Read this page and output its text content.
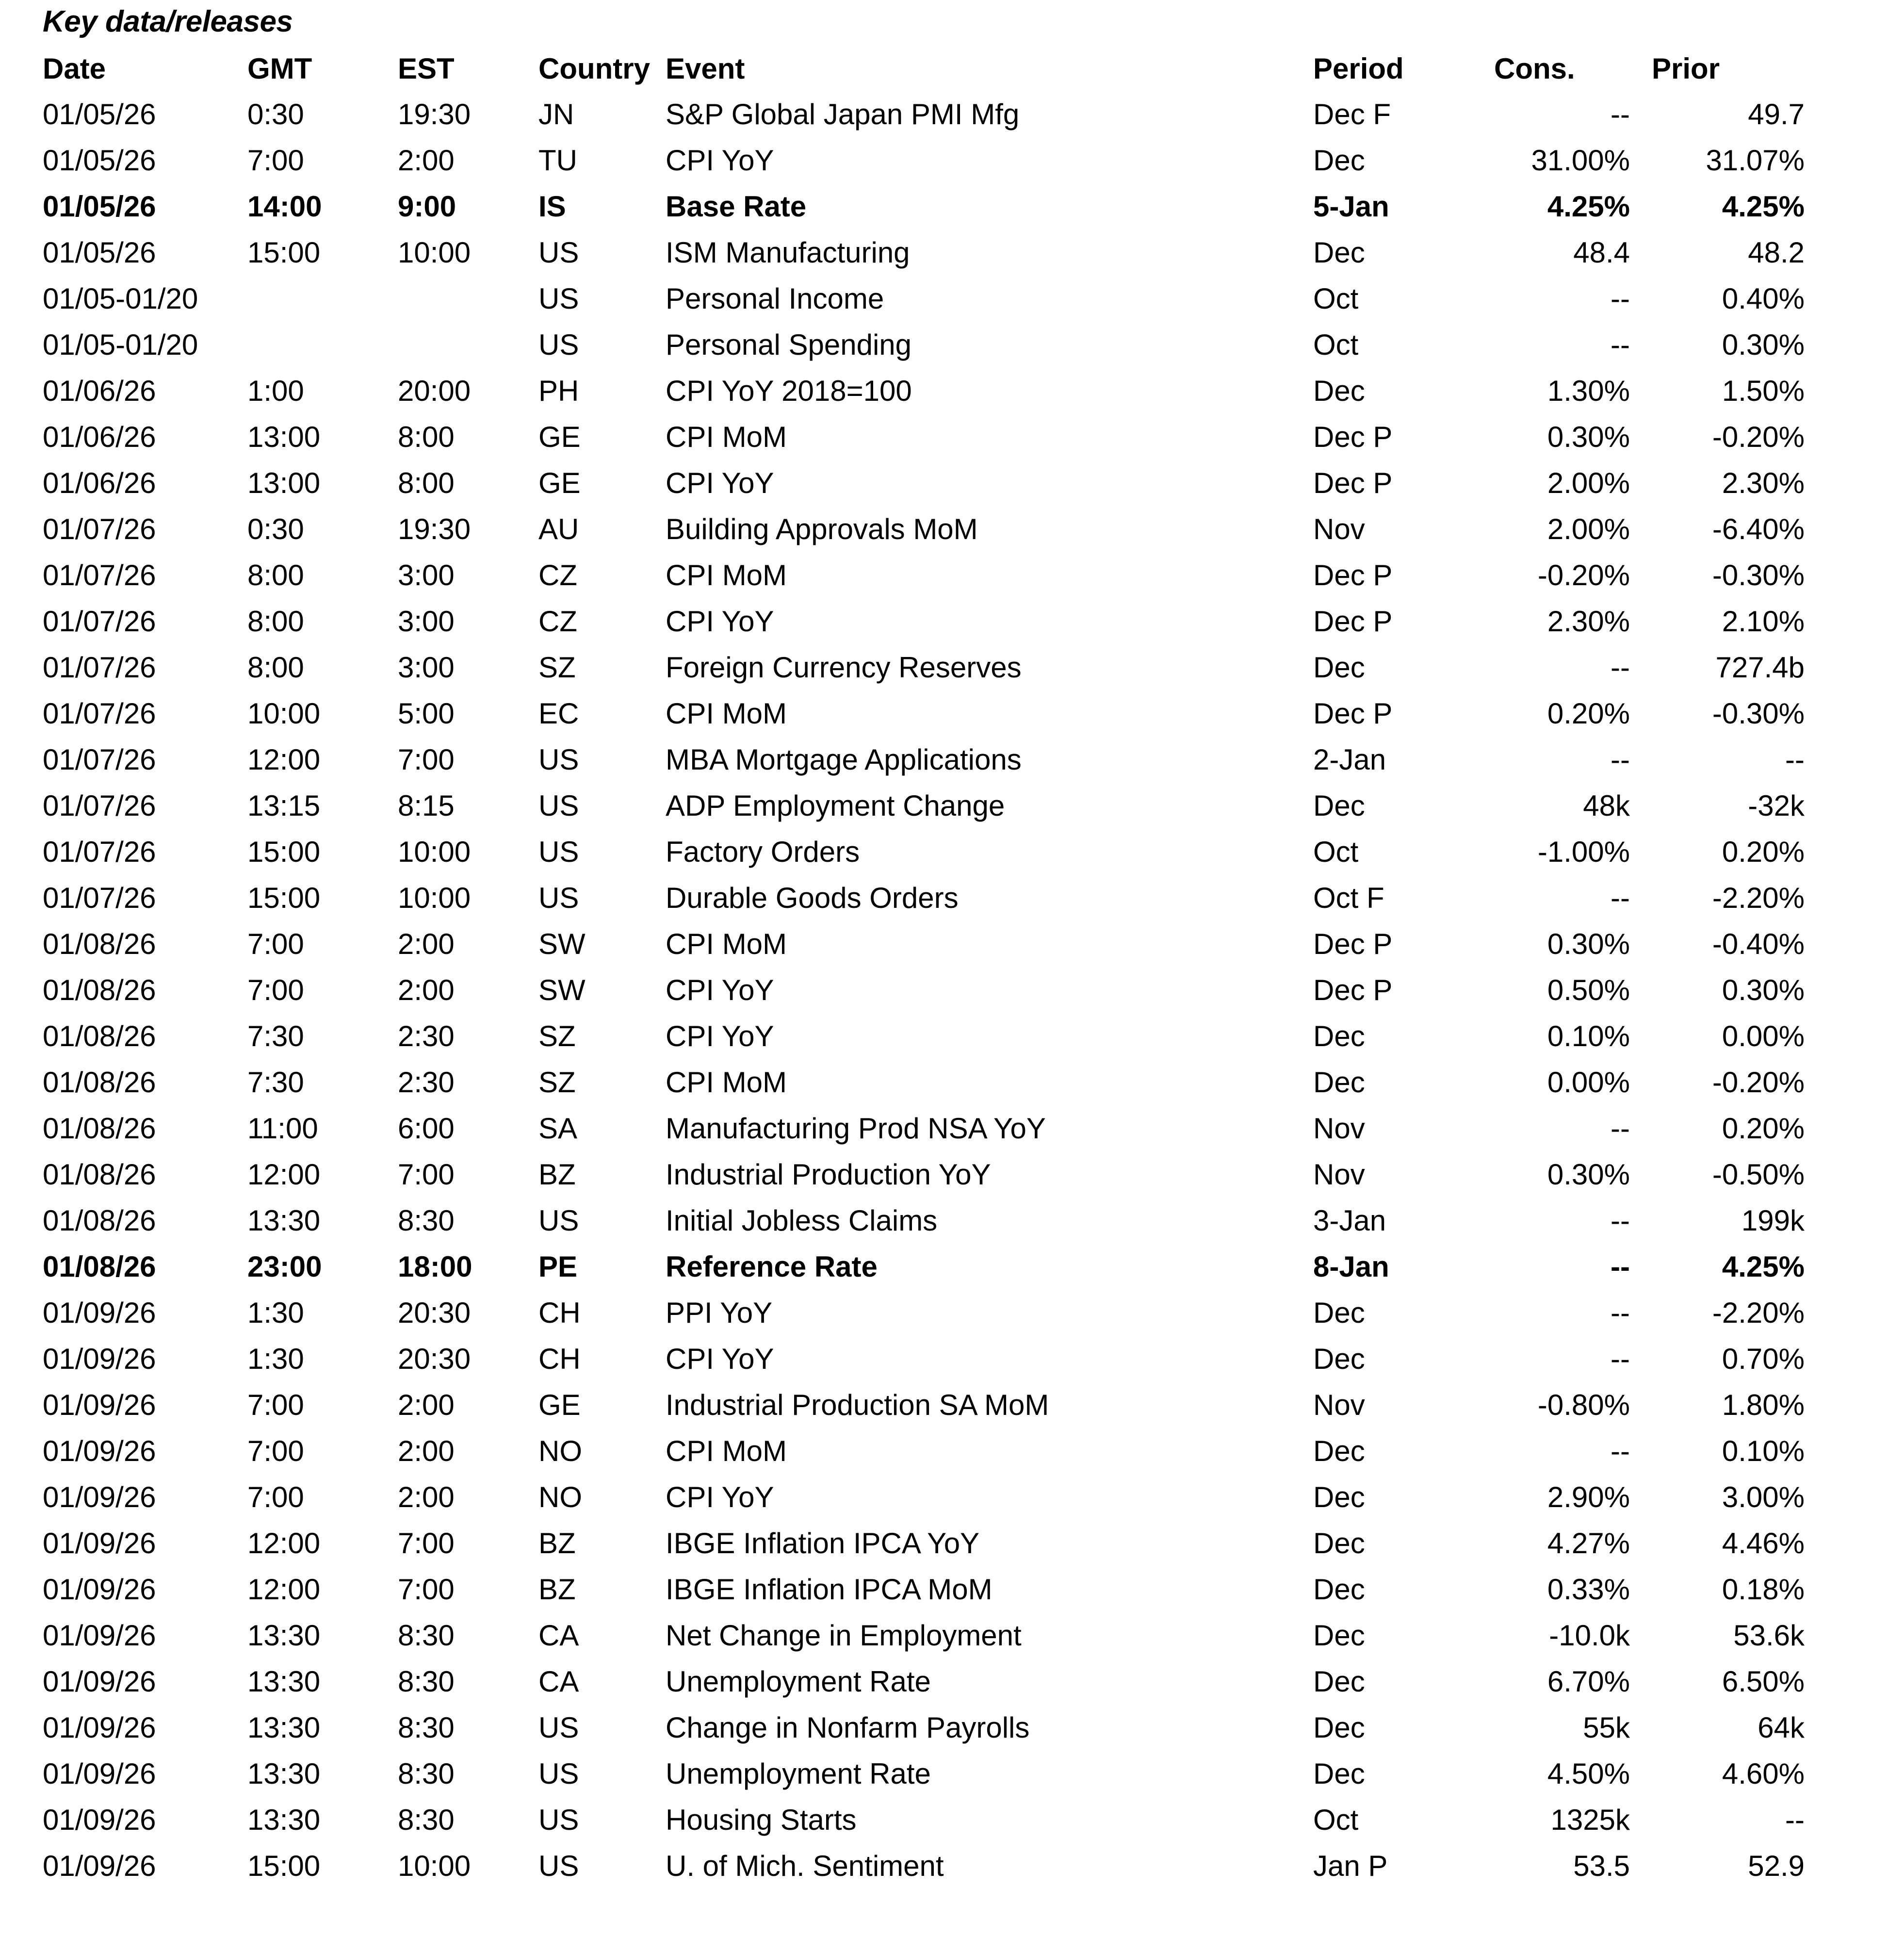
Key data/releases
Date	GMT	EST	Country	Event	Period	Cons.	Prior
01/05/26	0:30	19:30	JN	S&P Global Japan PMI Mfg	Dec F	--	49.7
01/05/26	7:00	2:00	TU	CPI YoY	Dec	31.00%	31.07%
01/05/26	14:00	9:00	IS	Base Rate	5-Jan	4.25%	4.25%
01/05/26	15:00	10:00	US	ISM Manufacturing	Dec	48.4	48.2
01/05-01/20			US	Personal Income	Oct	--	0.40%
01/05-01/20			US	Personal Spending	Oct	--	0.30%
01/06/26	1:00	20:00	PH	CPI YoY 2018=100	Dec	1.30%	1.50%
01/06/26	13:00	8:00	GE	CPI MoM	Dec P	0.30%	-0.20%
01/06/26	13:00	8:00	GE	CPI YoY	Dec P	2.00%	2.30%
01/07/26	0:30	19:30	AU	Building Approvals MoM	Nov	2.00%	-6.40%
01/07/26	8:00	3:00	CZ	CPI MoM	Dec P	-0.20%	-0.30%
01/07/26	8:00	3:00	CZ	CPI YoY	Dec P	2.30%	2.10%
01/07/26	8:00	3:00	SZ	Foreign Currency Reserves	Dec	--	727.4b
01/07/26	10:00	5:00	EC	CPI MoM	Dec P	0.20%	-0.30%
01/07/26	12:00	7:00	US	MBA Mortgage Applications	2-Jan	--	--
01/07/26	13:15	8:15	US	ADP Employment Change	Dec	48k	-32k
01/07/26	15:00	10:00	US	Factory Orders	Oct	-1.00%	0.20%
01/07/26	15:00	10:00	US	Durable Goods Orders	Oct F	--	-2.20%
01/08/26	7:00	2:00	SW	CPI MoM	Dec P	0.30%	-0.40%
01/08/26	7:00	2:00	SW	CPI YoY	Dec P	0.50%	0.30%
01/08/26	7:30	2:30	SZ	CPI YoY	Dec	0.10%	0.00%
01/08/26	7:30	2:30	SZ	CPI MoM	Dec	0.00%	-0.20%
01/08/26	11:00	6:00	SA	Manufacturing Prod NSA YoY	Nov	--	0.20%
01/08/26	12:00	7:00	BZ	Industrial Production YoY	Nov	0.30%	-0.50%
01/08/26	13:30	8:30	US	Initial Jobless Claims	3-Jan	--	199k
01/08/26	23:00	18:00	PE	Reference Rate	8-Jan	--	4.25%
01/09/26	1:30	20:30	CH	PPI YoY	Dec	--	-2.20%
01/09/26	1:30	20:30	CH	CPI YoY	Dec	--	0.70%
01/09/26	7:00	2:00	GE	Industrial Production SA MoM	Nov	-0.80%	1.80%
01/09/26	7:00	2:00	NO	CPI MoM	Dec	--	0.10%
01/09/26	7:00	2:00	NO	CPI YoY	Dec	2.90%	3.00%
01/09/26	12:00	7:00	BZ	IBGE Inflation IPCA YoY	Dec	4.27%	4.46%
01/09/26	12:00	7:00	BZ	IBGE Inflation IPCA MoM	Dec	0.33%	0.18%
01/09/26	13:30	8:30	CA	Net Change in Employment	Dec	-10.0k	53.6k
01/09/26	13:30	8:30	CA	Unemployment Rate	Dec	6.70%	6.50%
01/09/26	13:30	8:30	US	Change in Nonfarm Payrolls	Dec	55k	64k
01/09/26	13:30	8:30	US	Unemployment Rate	Dec	4.50%	4.60%
01/09/26	13:30	8:30	US	Housing Starts	Oct	1325k	--
01/09/26	15:00	10:00	US	U. of Mich. Sentiment	Jan P	53.5	52.9
